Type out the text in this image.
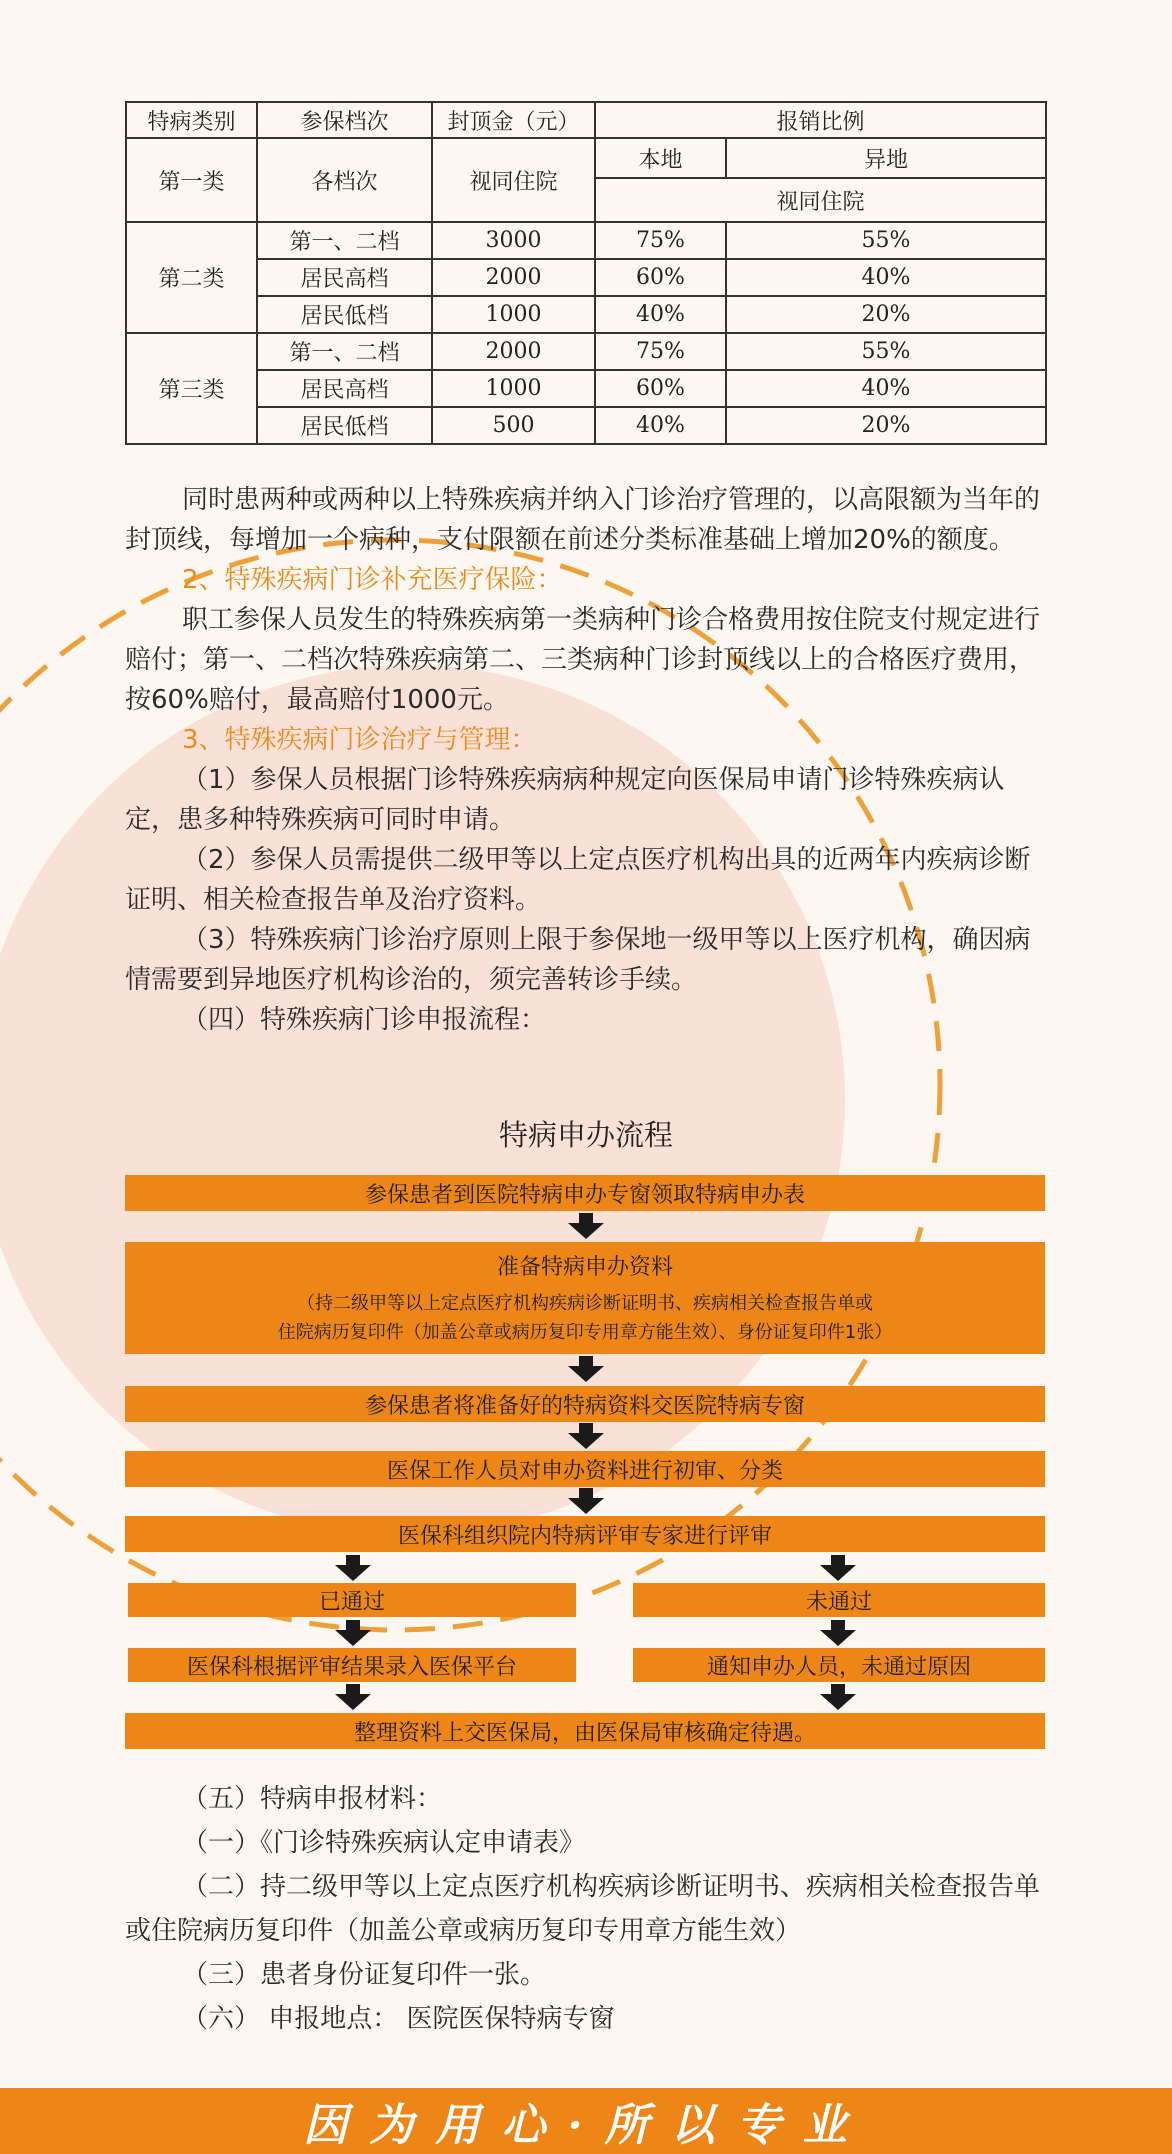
特病类别	参保档次	封顶金（元）	报销比例	
第一类	各档次	视同住院	本地	异地
			视同住院	
第二类	第一、二档	3000	75%	55%
	居民高档	2000	60%	40%
	居民低档	1000	40%	20%
第三类	第一、二档	2000	75%	55%
	居民高档	1000	60%	40%
	居民低档	500	40%	20%

同时患两种或两种以上特殊疾病并纳入门诊治疗管理的，以高限额为当年的封顶线，每增加一个病种，支付限额在前述分类标准基础上增加20%的额度。

2、特殊疾病门诊补充医疗保险：

职工参保人员发生的特殊疾病第一类病种门诊合格费用按住院支付规定进行赔付；第一、二档次特殊疾病第二、三类病种门诊封顶线以上的合格医疗费用，按60%赔付，最高赔付1000元。

3、特殊疾病门诊治疗与管理：

（1）参保人员根据门诊特殊疾病病种规定向医保局申请门诊特殊疾病认定，患多种特殊疾病可同时申请。

（2）参保人员需提供二级甲等以上定点医疗机构出具的近两年内疾病诊断证明、相关检查报告单及治疗资料。

（3）特殊疾病门诊治疗原则上限于参保地一级甲等以上医疗机构，确因病情需要到异地医疗机构诊治的，须完善转诊手续。

（四）特殊疾病门诊申报流程：

特病申办流程
参保患者到医院特病申办专窗领取特病申办表
准备特病申办资料
（持二级甲等以上定点医疗机构疾病诊断证明书、疾病相关检查报告单或
住院病历复印件（加盖公章或病历复印专用章方能生效）、身份证复印件1张）
参保患者将准备好的特病资料交医院特病专窗
医保工作人员对申办资料进行初审、分类
医保科组织院内特病评审专家进行评审
已通过	未通过
医保科根据评审结果录入医保平台	通知申办人员，未通过原因
整理资料上交医保局，由医保局审核确定待遇。

（五）特病申报材料：

（一）《门诊特殊疾病认定申请表》

（二）持二级甲等以上定点医疗机构疾病诊断证明书、疾病相关检查报告单或住院病历复印件（加盖公章或病历复印专用章方能生效）

（三）患者身份证复印件一张。

（六） 申报地点： 医院医保特病专窗

因为用心·所以专业
